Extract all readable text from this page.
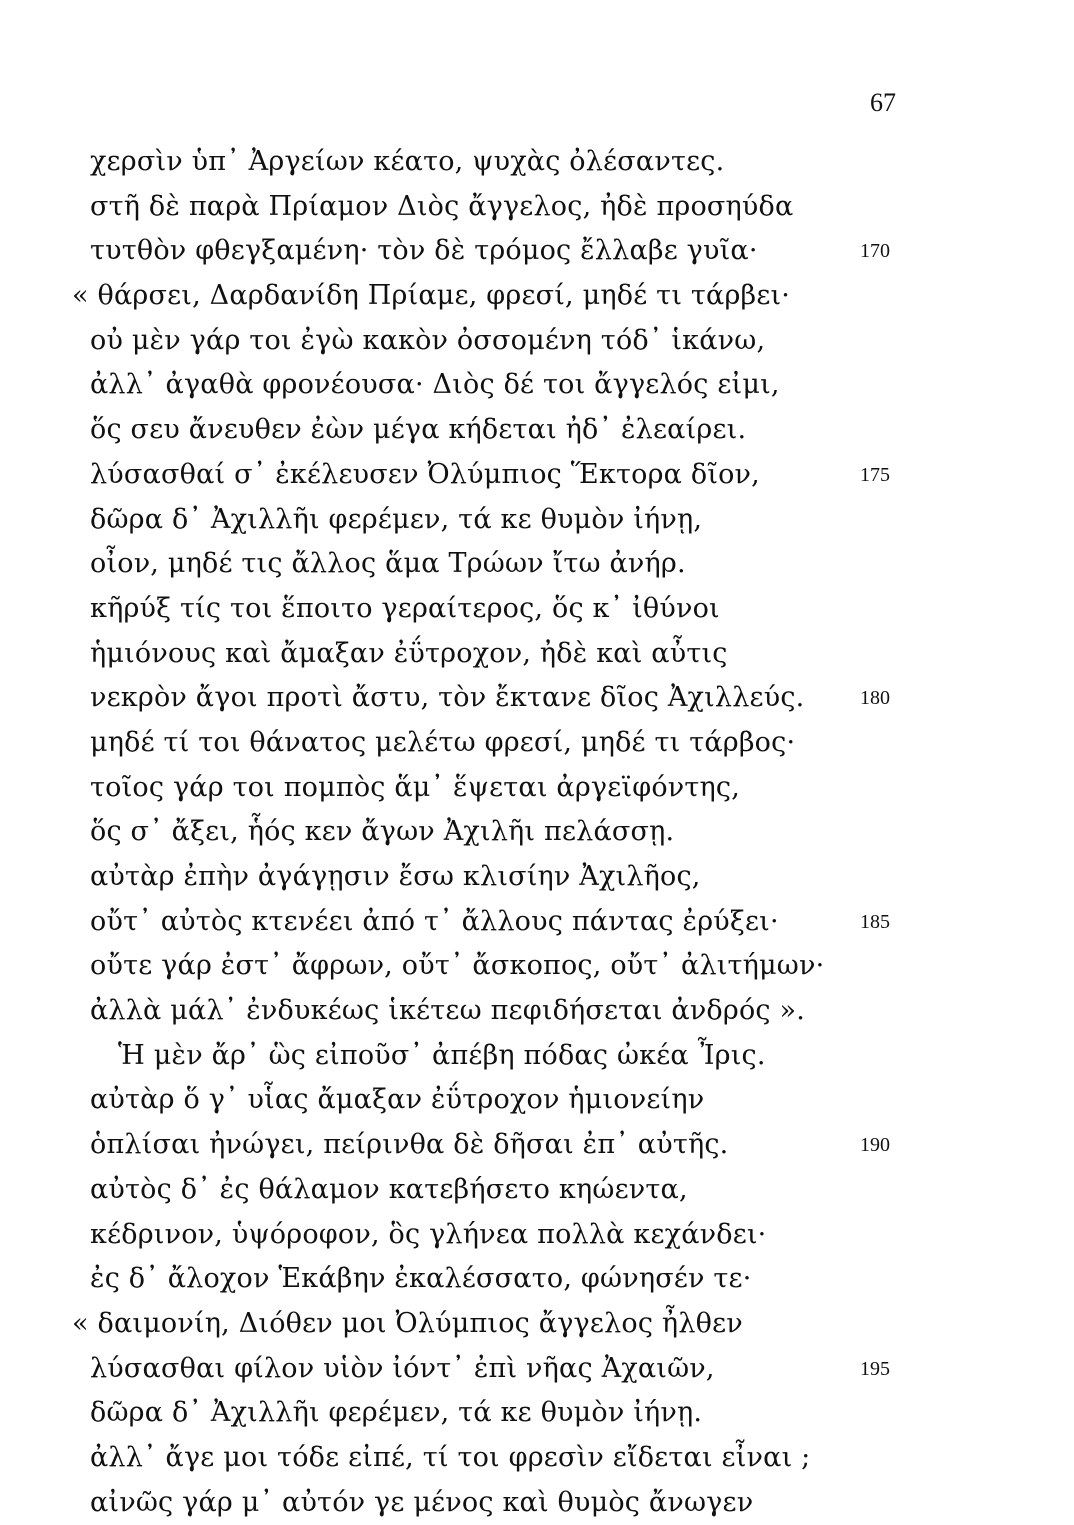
67
χερσὶν ὑπ᾽ Ἀργείων κέατο, ψυχὰς ὀλέσαντες.
στῆ δὲ παρὰ Πρίαμον Διὸς ἄγγελος, ἠδὲ προσηύδα
τυτθὸν φθεγξαμένη· τὸν δὲ τρόμος ἔλλαβε γυῖα·	170
« θάρσει, Δαρδανίδη Πρίαμε, φρεσί, μηδέ τι τάρβει·
οὐ μὲν γάρ τοι ἐγὼ κακὸν ὀσσομένη τόδ᾽ ἱκάνω,
ἀλλ᾽ ἀγαθὰ φρονέουσα· Διὸς δέ τοι ἄγγελός εἰμι,
ὅς σευ ἄνευθεν ἐὼν μέγα κήδεται ἠδ᾽ ἐλεαίρει.
λύσασθαί σ᾽ ἐκέλευσεν Ὀλύμπιος Ἕκτορα δῖον,	175
δῶρα δ᾽ Ἀχιλλῆι φερέμεν, τά κε θυμὸν ἰήνῃ,
οἶον, μηδέ τις ἄλλος ἅμα Τρώων ἴτω ἀνήρ.
κῆρύξ τίς τοι ἕποιτο γεραίτερος, ὅς κ᾽ ἰθύνοι
ἡμιόνους καὶ ἄμαξαν ἐΰτροχον, ἠδὲ καὶ αὖτις
νεκρὸν ἄγοι προτὶ ἄστυ, τὸν ἔκτανε δῖος Ἀχιλλεύς.	180
μηδέ τί τοι θάνατος μελέτω φρεσί, μηδέ τι τάρβος·
τοῖος γάρ τοι πομπὸς ἅμ᾽ ἕψεται ἀργεϊφόντης,
ὅς σ᾽ ἄξει, ἧός κεν ἄγων Ἀχιλῆι πελάσσῃ.
αὐτὰρ ἐπὴν ἀγάγῃσιν ἔσω κλισίην Ἀχιλῆος,
οὔτ᾽ αὐτὸς κτενέει ἀπό τ᾽ ἄλλους πάντας ἐρύξει·	185
οὔτε γάρ ἐστ᾽ ἄφρων, οὔτ᾽ ἄσκοπος, οὔτ᾽ ἀλιτήμων·
ἀλλὰ μάλ᾽ ἐνδυκέως ἱκέτεω πεφιδήσεται ἀνδρός ».
Ἡ μὲν ἄρ᾽ ὣς εἰποῦσ᾽ ἀπέβη πόδας ὠκέα Ἶρις.
αὐτὰρ ὅ γ᾽ υἷας ἄμαξαν ἐΰτροχον ἡμιονείην
ὁπλίσαι ἠνώγει, πείρινθα δὲ δῆσαι ἐπ᾽ αὐτῆς.	190
αὐτὸς δ᾽ ἐς θάλαμον κατεβήσετο κηώεντα,
κέδρινον, ὑψόροφον, ὃς γλήνεα πολλὰ κεχάνδει·
ἐς δ᾽ ἄλοχον Ἑκάβην ἐκαλέσσατο, φώνησέν τε·
« δαιμονίη, Διόθεν μοι Ὀλύμπιος ἄγγελος ἦλθεν
λύσασθαι φίλον υἱὸν ἰόντ᾽ ἐπὶ νῆας Ἀχαιῶν,	195
δῶρα δ᾽ Ἀχιλλῆι φερέμεν, τά κε θυμὸν ἰήνῃ.
ἀλλ᾽ ἄγε μοι τόδε εἰπέ, τί τοι φρεσὶν εἴδεται εἶναι ;
αἰνῶς γάρ μ᾽ αὐτόν γε μένος καὶ θυμὸς ἄνωγεν
